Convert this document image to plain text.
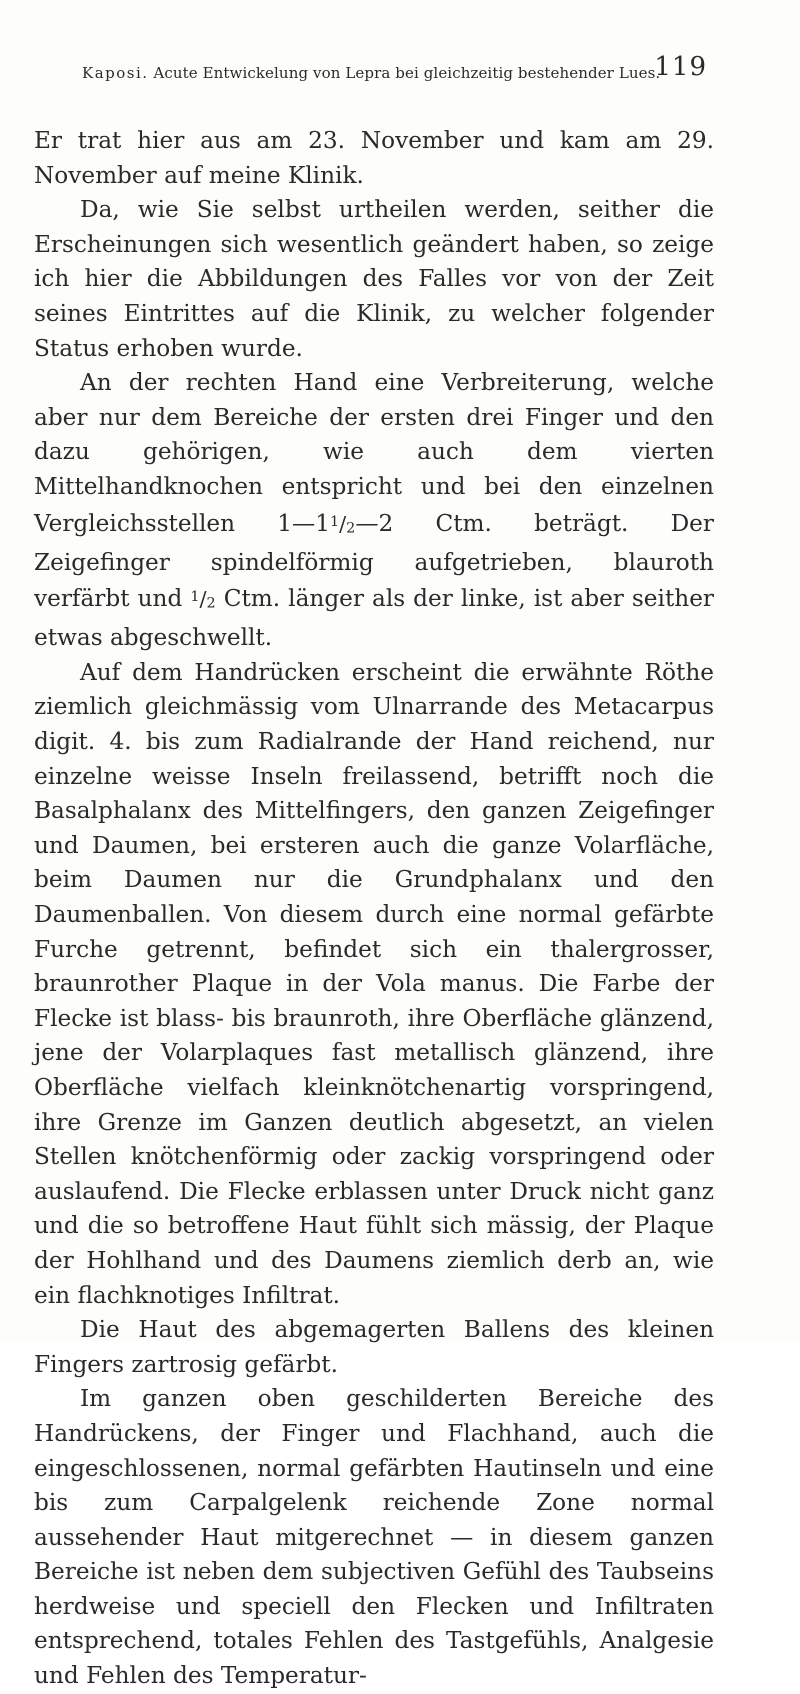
Kaposi. Acute Entwickelung von Lepra bei gleichzeitig bestehender Lues.
119

Er trat hier aus am 23. November und kam am 29. November auf meine Klinik.

Da, wie Sie selbst urtheilen werden, seither die Erscheinungen sich wesentlich geändert haben, so zeige ich hier die Abbildungen des Falles vor von der Zeit seines Eintrittes auf die Klinik, zu welcher folgender Status erhoben wurde.

An der rechten Hand eine Verbreiterung, welche aber nur dem Bereiche der ersten drei Finger und den dazu gehörigen, wie auch dem vierten Mittelhandknochen entspricht und bei den einzelnen Vergleichsstellen $1—1^1/2—2$ Ctm. beträgt. Der Zeigefinger spindelförmig aufgetrieben, blauroth verfärbt und $^1$/2 Ctm. länger als der linke, ist aber seither etwas abgeschwellt.

Auf dem Handrücken erscheint die erwähnte Röthe ziemlich gleichmässig vom Ulnarrande des Metacarpus digit. 4. bis zum Radialrande der Hand reichend, nur einzelne weisse Inseln freilassend, betrifft noch die Basalphalanx des Mittelfingers, den ganzen Zeigefinger und Daumen, bei ersteren auch die ganze Volarfläche, beim Daumen nur die Grundphalanx und den Daumenballen. Von diesem durch eine normal gefärbte Furche getrennt, befindet sich ein thalergrosser, braunrother Plaque in der Vola manus. Die Farbe der Flecke ist blass- bis braunroth, ihre Oberfläche glänzend, jene der Volarplaques fast metallisch glänzend, ihre Oberfläche vielfach kleinknötchenartig vorspringend, ihre Grenze im Ganzen deutlich abgesetzt, an vielen Stellen knötchenförmig oder zackig vorspringend oder auslaufend. Die Flecke erblassen unter Druck nicht ganz und die so betroffene Haut fühlt sich mässig, der Plaque der Hohlhand und des Daumens ziemlich derb an, wie ein flachknotiges Infiltrat.

Die Haut des abgemagerten Ballens des kleinen Fingers zartrosig gefärbt.

Im ganzen oben geschilderten Bereiche des Handrückens, der Finger und Flachhand, auch die eingeschlossenen, normal gefärbten Hautinseln und eine bis zum Carpalgelenk reichende Zone normal aussehender Haut mitgerechnet — in diesem ganzen Bereiche ist neben dem subjectiven Gefühl des Taubseins herdweise und speciell den Flecken und Infiltraten entsprechend, totales Fehlen des Tastgefühls, Analgesie und Fehlen des Temperatur-
